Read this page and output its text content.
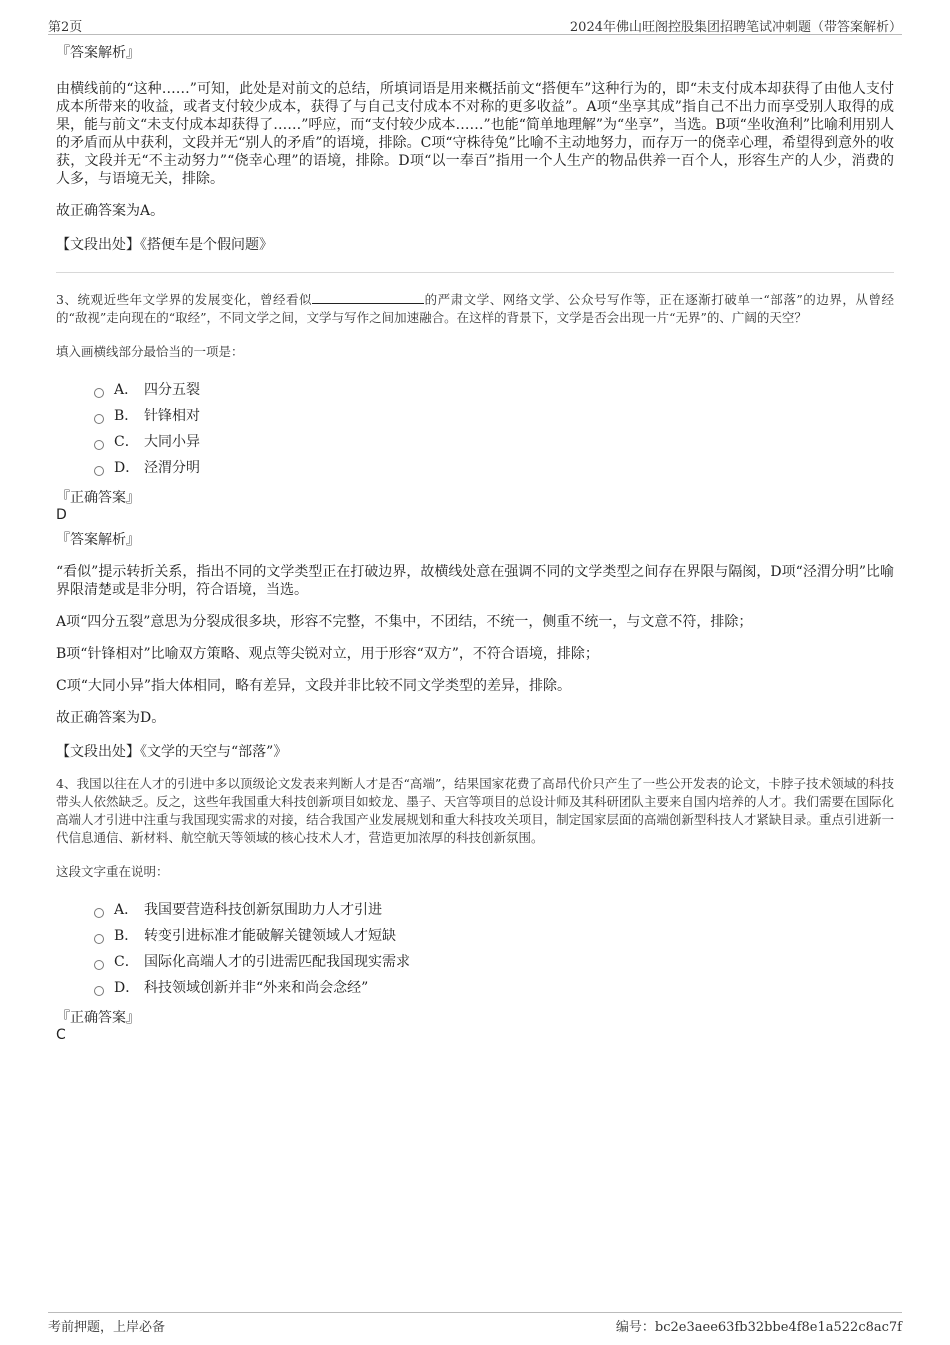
第2页	2024年佛山旺阁控股集团招聘笔试冲刺题（带答案解析）
『答案解析』
由横线前的“这种……”可知，此处是对前文的总结，所填词语是用来概括前文“搭便车”这种行为的，即“未支付成本却获得了由他人支付成本所带来的收益，或者支付较少成本，获得了与自己支付成本不对称的更多收益”。A项“坐享其成”指自己不出力而享受别人取得的成果，能与前文“未支付成本却获得了……”呼应，而“支付较少成本……”也能“简单地理解”为“坐享”，当选。B项“坐收渔利”比喻利用别人的矛盾而从中获利，文段并无“别人的矛盾”的语境，排除。C项“守株待兔”比喻不主动地努力，而存万一的侥幸心理，希望得到意外的收获，文段并无“不主动努力”“侥幸心理”的语境，排除。D项“以一奉百”指用一个人生产的物品供养一百个人，形容生产的人少，消费的人多，与语境无关，排除。
故正确答案为A。
【文段出处】《搭便车是个假问题》
3、统观近些年文学界的发展变化，曾经看似	的严肃文学、网络文学、公众号写作等，正在逐渐打破单一“部落”的边界，从曾经的“敌视”走向现在的“取经”，不同文学之间，文学与写作之间加速融合。在这样的背景下，文学是否会出现一片“无界”的、广阔的天空？
填入画横线部分最恰当的一项是：
A． 四分五裂
B． 针锋相对
C． 大同小异
D． 泾渭分明
『正确答案』
D
『答案解析』
“看似”提示转折关系，指出不同的文学类型正在打破边界，故横线处意在强调不同的文学类型之间存在界限与隔阂，D项“泾渭分明”比喻界限清楚或是非分明，符合语境，当选。
A项“四分五裂”意思为分裂成很多块，形容不完整，不集中，不团结，不统一，侧重不统一，与文意不符，排除；
B项“针锋相对”比喻双方策略、观点等尖锐对立，用于形容“双方”，不符合语境，排除；
C项“大同小异”指大体相同，略有差异，文段并非比较不同文学类型的差异，排除。
故正确答案为D。
【文段出处】《文学的天空与“部落”》
4、我国以往在人才的引进中多以顶级论文发表来判断人才是否“高端”，结果国家花费了高昂代价只产生了一些公开发表的论文，卡脖子技术领域的科技带头人依然缺乏。反之，这些年我国重大科技创新项目如蛟龙、墨子、天宫等项目的总设计师及其科研团队主要来自国内培养的人才。我们需要在国际化高端人才引进中注重与我国现实需求的对接，结合我国产业发展规划和重大科技攻关项目，制定国家层面的高端创新型科技人才紧缺目录。重点引进新一代信息通信、新材料、航空航天等领域的核心技术人才，营造更加浓厚的科技创新氛围。
这段文字重在说明：
A． 我国要营造科技创新氛围助力人才引进
B． 转变引进标准才能破解关键领域人才短缺
C． 国际化高端人才的引进需匹配我国现实需求
D． 科技领域创新并非“外来和尚会念经”
『正确答案』
C
考前押题，上岸必备	编号：bc2e3aee63fb32bbe4f8e1a522c8ac7f
